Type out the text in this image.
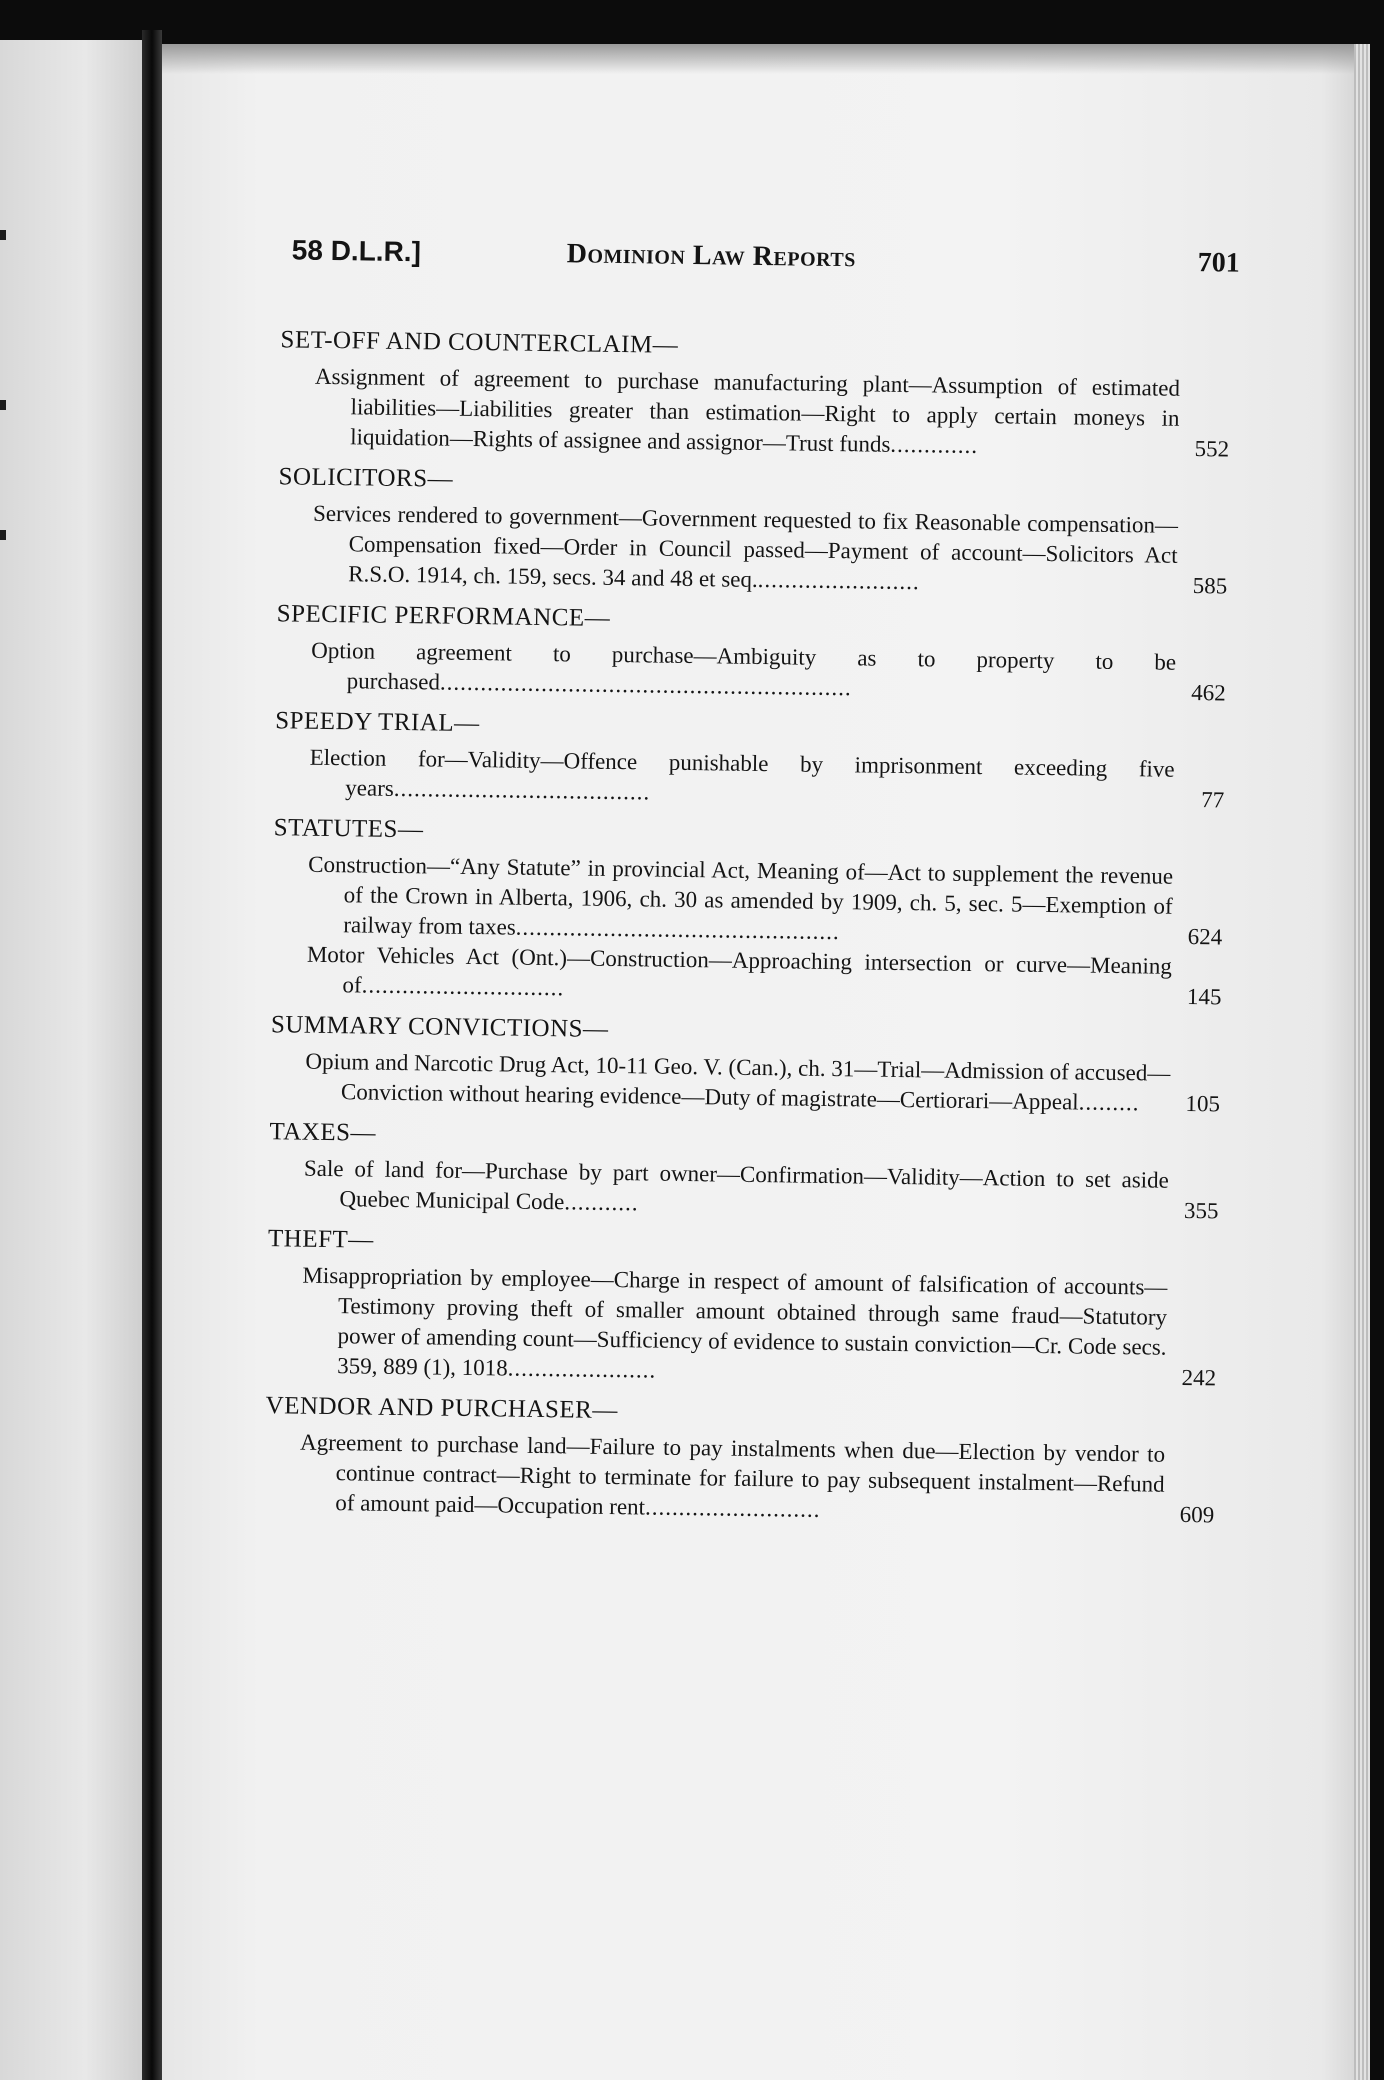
58 D.L.R.]	Dominion Law Reports	701
SET-OFF AND COUNTERCLAIM—
Assignment of agreement to purchase manufacturing plant—Assumption of estimated liabilities—Liabilities greater than estimation—Right to apply certain moneys in liquidation—Rights of assignee and assignor—Trust funds.............	552
SOLICITORS—
Services rendered to government—Government requested to fix Reasonable compensation—Compensation fixed—Order in Council passed—Payment of account—Solicitors Act R.S.O. 1914, ch. 159, secs. 34 and 48 et seq.........................	585
SPECIFIC PERFORMANCE—
Option agreement to purchase—Ambiguity as to property to be purchased.............................................................	462
SPEEDY TRIAL—
Election for—Validity—Offence punishable by imprisonment exceeding five years......................................	77
STATUTES—
Construction—“Any Statute” in provincial Act, Meaning of—Act to supplement the revenue of the Crown in Alberta, 1906, ch. 30 as amended by 1909, ch. 5, sec. 5—Exemption of railway from taxes................................................	624
Motor Vehicles Act (Ont.)—Construction—Approaching intersection or curve—Meaning of..............................	145
SUMMARY CONVICTIONS—
Opium and Narcotic Drug Act, 10-11 Geo. V. (Can.), ch. 31—Trial—Admission of accused—Conviction without hearing evidence—Duty of magistrate—Certiorari—Appeal.........	105
TAXES—
Sale of land for—Purchase by part owner—Confirmation—Validity—Action to set aside Quebec Municipal Code...........	355
THEFT—
Misappropriation by employee—Charge in respect of amount of falsification of accounts—Testimony proving theft of smaller amount obtained through same fraud—Statutory power of amending count—Sufficiency of evidence to sustain conviction—Cr. Code secs. 359, 889 (1), 1018......................	242
VENDOR AND PURCHASER—
Agreement to purchase land—Failure to pay instalments when due—Election by vendor to continue contract—Right to terminate for failure to pay subsequent instalment—Refund of amount paid—Occupation rent..........................	609
